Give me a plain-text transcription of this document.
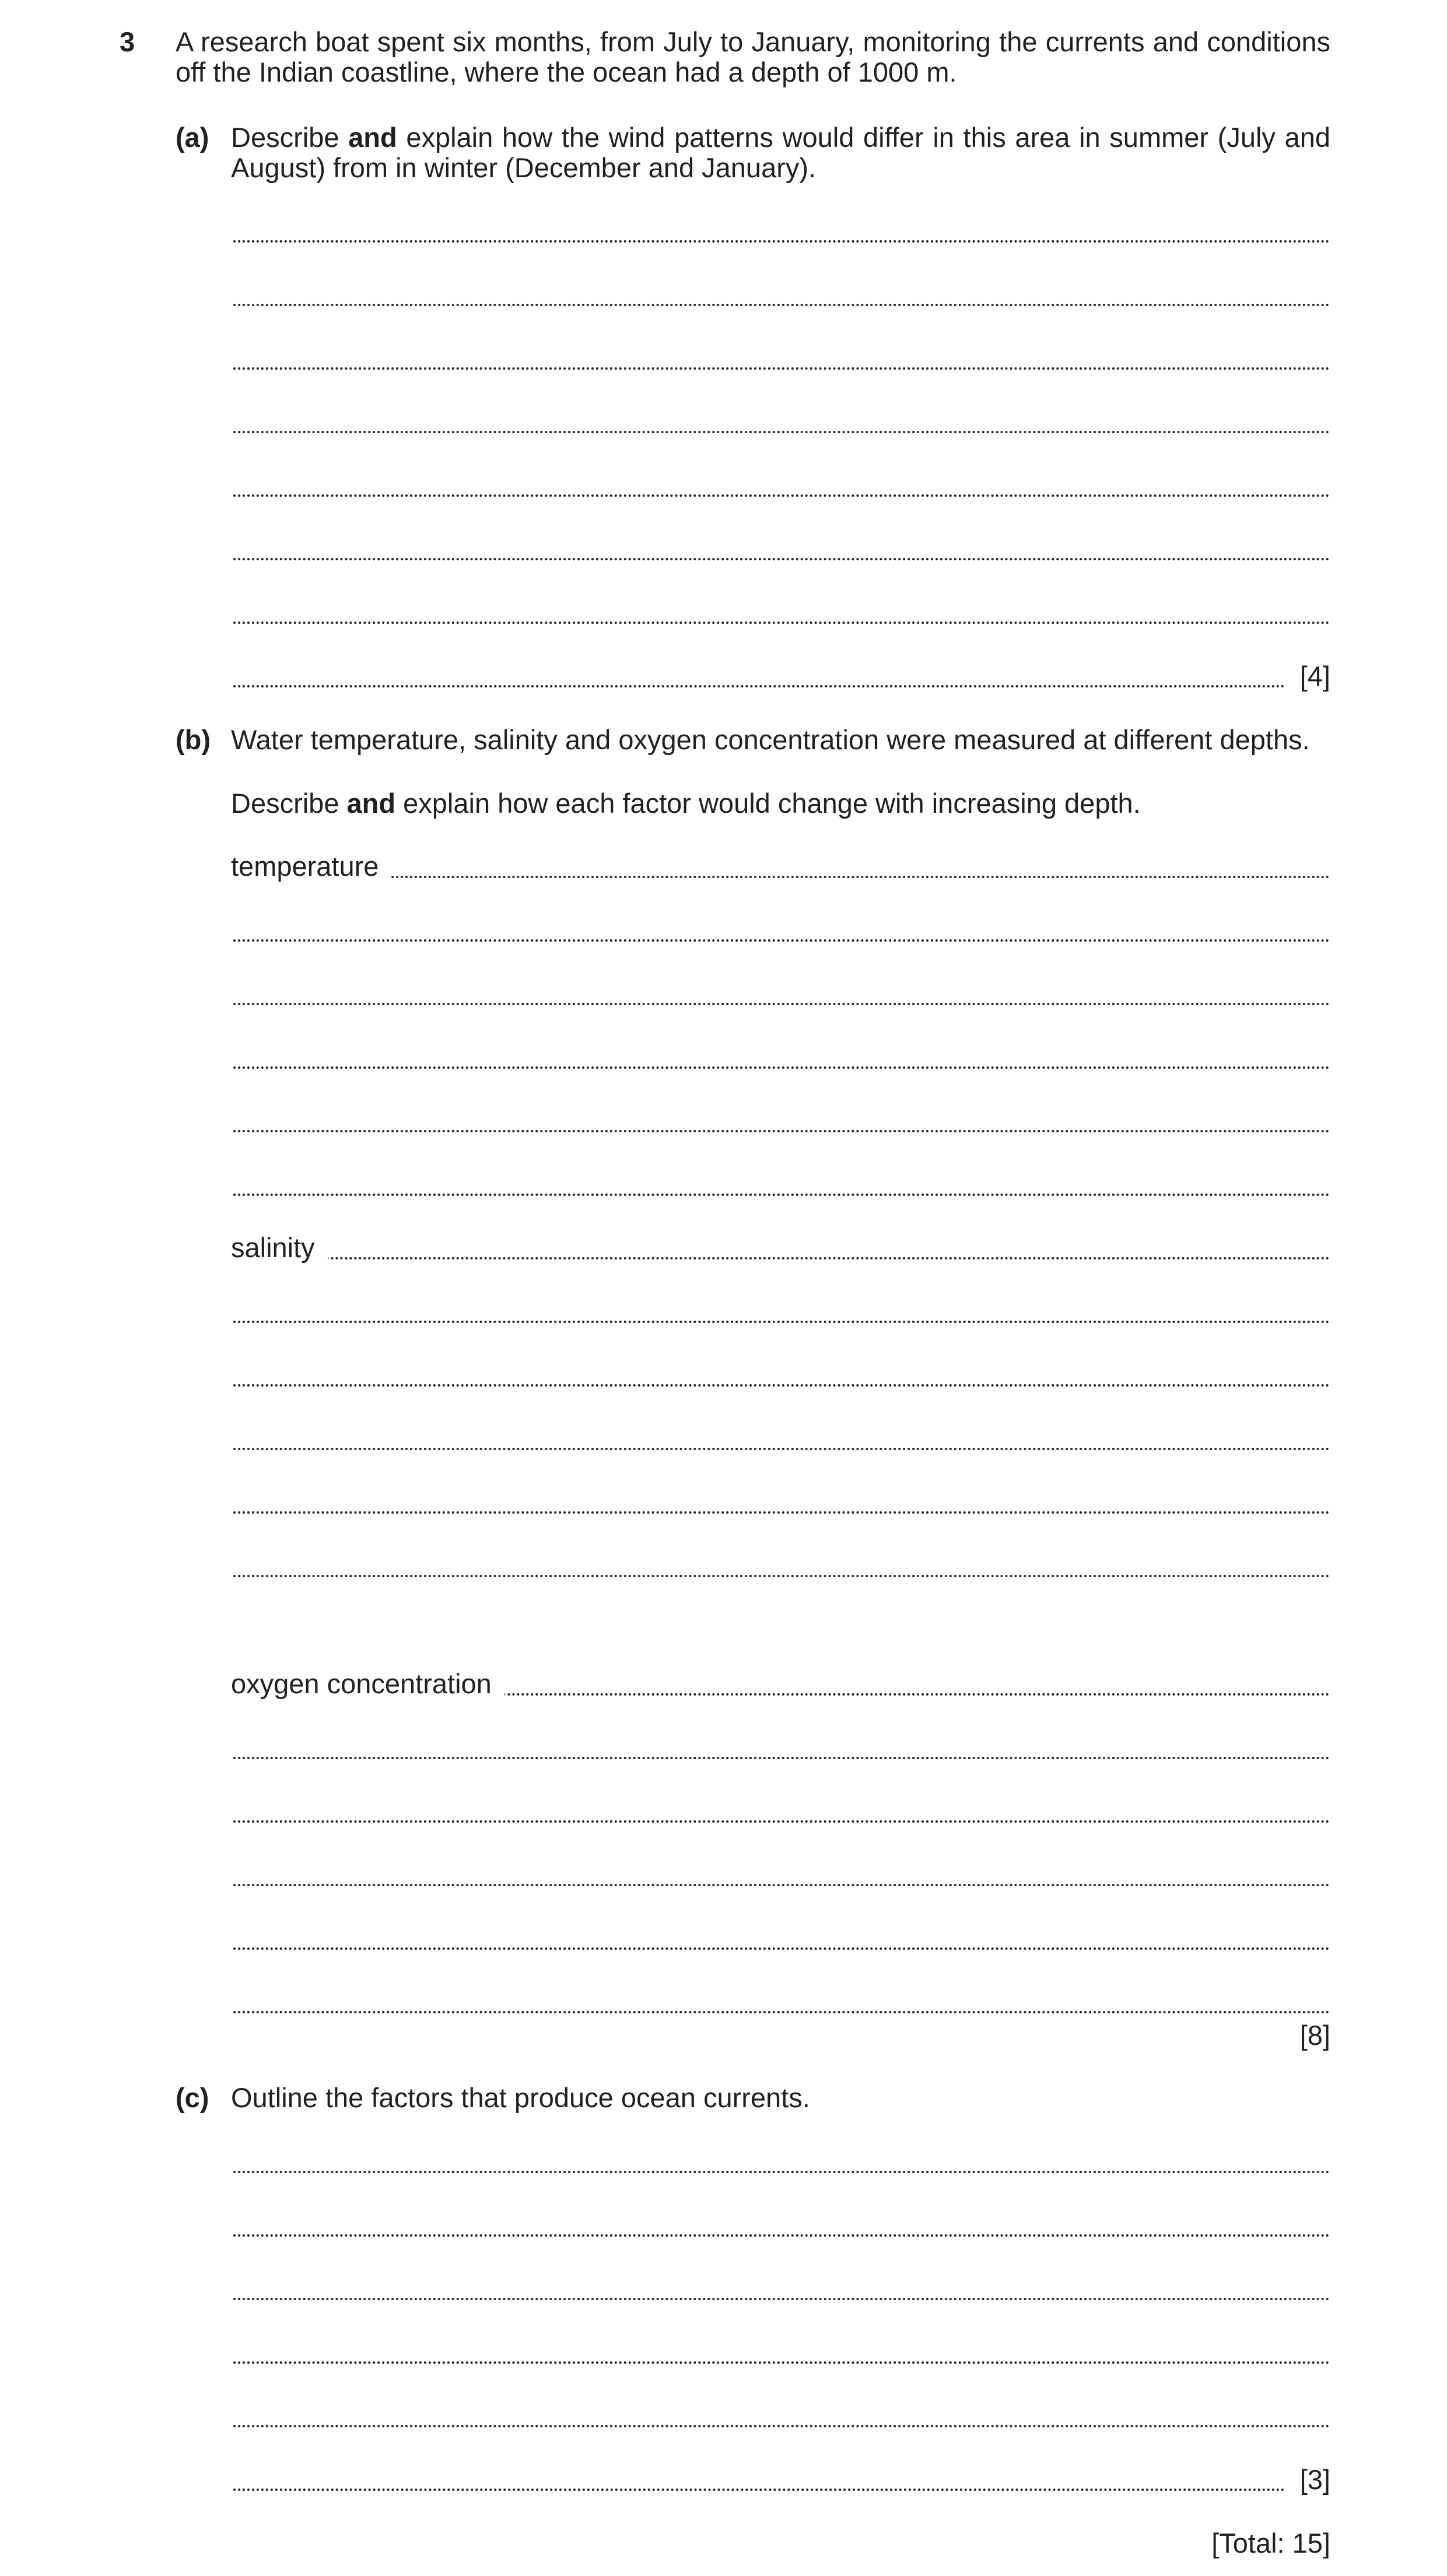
3 A research boat spent six months, from July to January, monitoring the currents and conditions off the Indian coastline, where the ocean had a depth of 1000 m.
(a) Describe and explain how the wind patterns would differ in this area in summer (July and August) from in winter (December and January).
[4]
(b) Water temperature, salinity and oxygen concentration were measured at different depths.
Describe and explain how each factor would change with increasing depth.
temperature
salinity
oxygen concentration
[8]
(c) Outline the factors that produce ocean currents.
[3]
[Total: 15]
